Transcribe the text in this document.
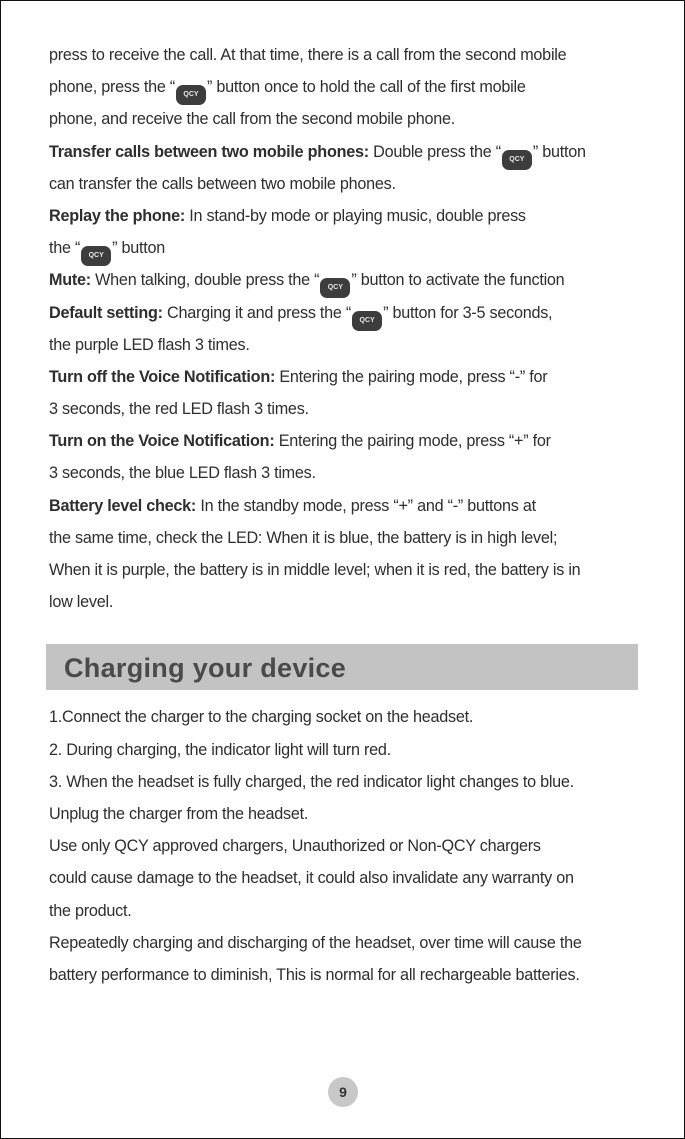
press to receive the call. At that time, there is a call from the second mobile
phone, press the “ QCY ” button once to hold the call of the first mobile
phone, and receive the call from the second mobile phone.
Transfer calls between two mobile phones: Double press the “ QCY ” button
can transfer the calls between two mobile phones.
Replay the phone: In stand-by mode or playing music, double press
the “ QCY ” button
Mute: When talking, double press the “ QCY ” button to activate the function
Default setting: Charging it and press the “ QCY ” button for 3-5 seconds,
the purple LED flash 3 times.
Turn off the Voice Notification: Entering the pairing mode, press “-” for
3 seconds, the red LED flash 3 times.
Turn on the Voice Notification: Entering the pairing mode, press “+” for
3 seconds, the blue LED flash 3 times.
Battery level check: In the standby mode, press “+” and “-” buttons at
the same time, check the LED: When it is blue, the battery is in high level;
When it is purple, the battery is in middle level; when it is red, the battery is in
low level.
Charging your device
1.Connect the charger to the charging socket on the headset.
2. During charging, the indicator light will turn red.
3. When the headset is fully charged, the red indicator light changes to blue.
Unplug the charger from the headset.
Use only QCY approved chargers, Unauthorized or Non-QCY chargers
could cause damage to the headset, it could also invalidate any warranty on
the product.
Repeatedly charging and discharging of the headset, over time will cause the
battery performance to diminish, This is normal for all rechargeable batteries.
9
